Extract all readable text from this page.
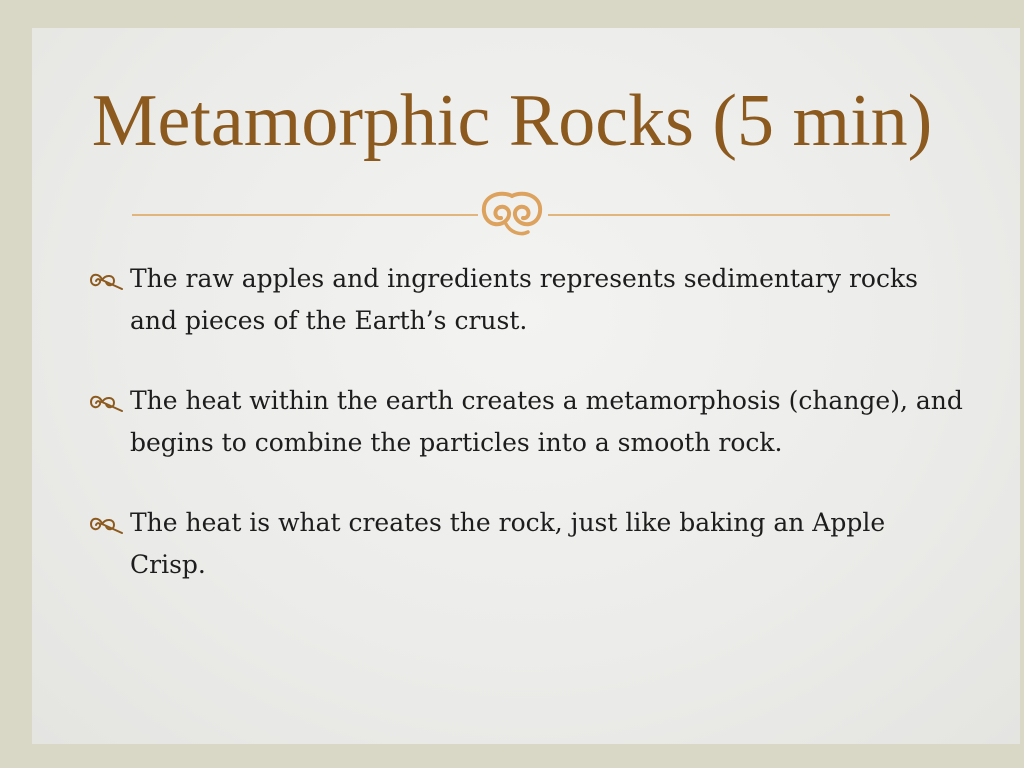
Metamorphic Rocks (5 min)
The raw apples and ingredients represents sedimentary rocks and pieces of the Earth’s crust.
The heat within the earth creates a metamorphosis (change), and begins to combine the particles into a smooth rock.
The heat is what creates the rock, just like baking an Apple Crisp.
